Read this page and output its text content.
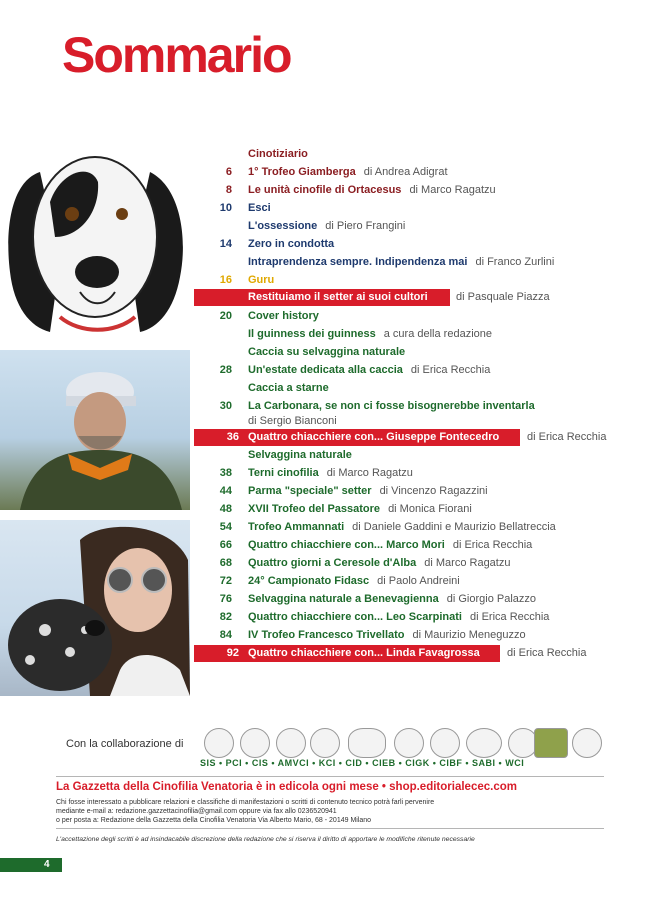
Sommario
Cinotiziario
6 1° Trofeo Giamberga di Andrea Adigrat
8 Le unità cinofile di Ortacesus di Marco Ragatzu
10 Esci
L'ossessione di Piero Frangini
14 Zero in condotta
Intraprendenza sempre. Indipendenza mai di Franco Zurlini
16 Guru
Restituiamo il setter ai suoi cultori	di Pasquale Piazza
20 Cover history
Il guinness dei guinness a cura della redazione
Caccia su selvaggina naturale
28 Un'estate dedicata alla caccia di Erica Recchia
Caccia a starne
30 La Carbonara, se non ci fosse bisognerebbe inventarla
di Sergio Bianconi
36 Quattro chiacchiere con... Giuseppe Fontecedro	di Erica Recchia
Selvaggina naturale
38 Terni cinofilia di Marco Ragatzu
44 Parma "speciale" setter di Vincenzo Ragazzini
48 XVII Trofeo del Passatore di Monica Fiorani
54 Trofeo Ammannati di Daniele Gaddini e Maurizio Bellatreccia
66 Quattro chiacchiere con... Marco Mori di Erica Recchia
68 Quattro giorni a Ceresole d'Alba di Marco Ragatzu
72 24° Campionato Fidasc di Paolo Andreini
76 Selvaggina naturale a Benevagienna di Giorgio Palazzo
82 Quattro chiacchiere con... Leo Scarpinati di Erica Recchia
84 IV Trofeo Francesco Trivellato di Maurizio Meneguzzo
92 Quattro chiacchiere con... Linda Favagrossa di Erica Recchia
Con la collaborazione di
SIS • PCI • CIS • AMVCI • KCI • CID • CIEB • CIGK • CIBF • SABI • WCI
La Gazzetta della Cinofilia Venatoria è in edicola ogni mese • shop.editorialecec.com
Chi fosse interessato a pubblicare relazioni e classifiche di manifestazioni o scritti di contenuto tecnico potrà farli pervenire
mediante e-mail a: redazione.gazzettacinofilia@gmail.com oppure via fax allo 0236520941
o per posta a: Redazione della Gazzetta della Cinofilia Venatoria Via Alberto Mario, 68 - 20149 Milano
L'accettazione degli scritti è ad insindacabile discrezione della redazione che si riserva il diritto di apportare le modifiche ritenute necessarie
4
